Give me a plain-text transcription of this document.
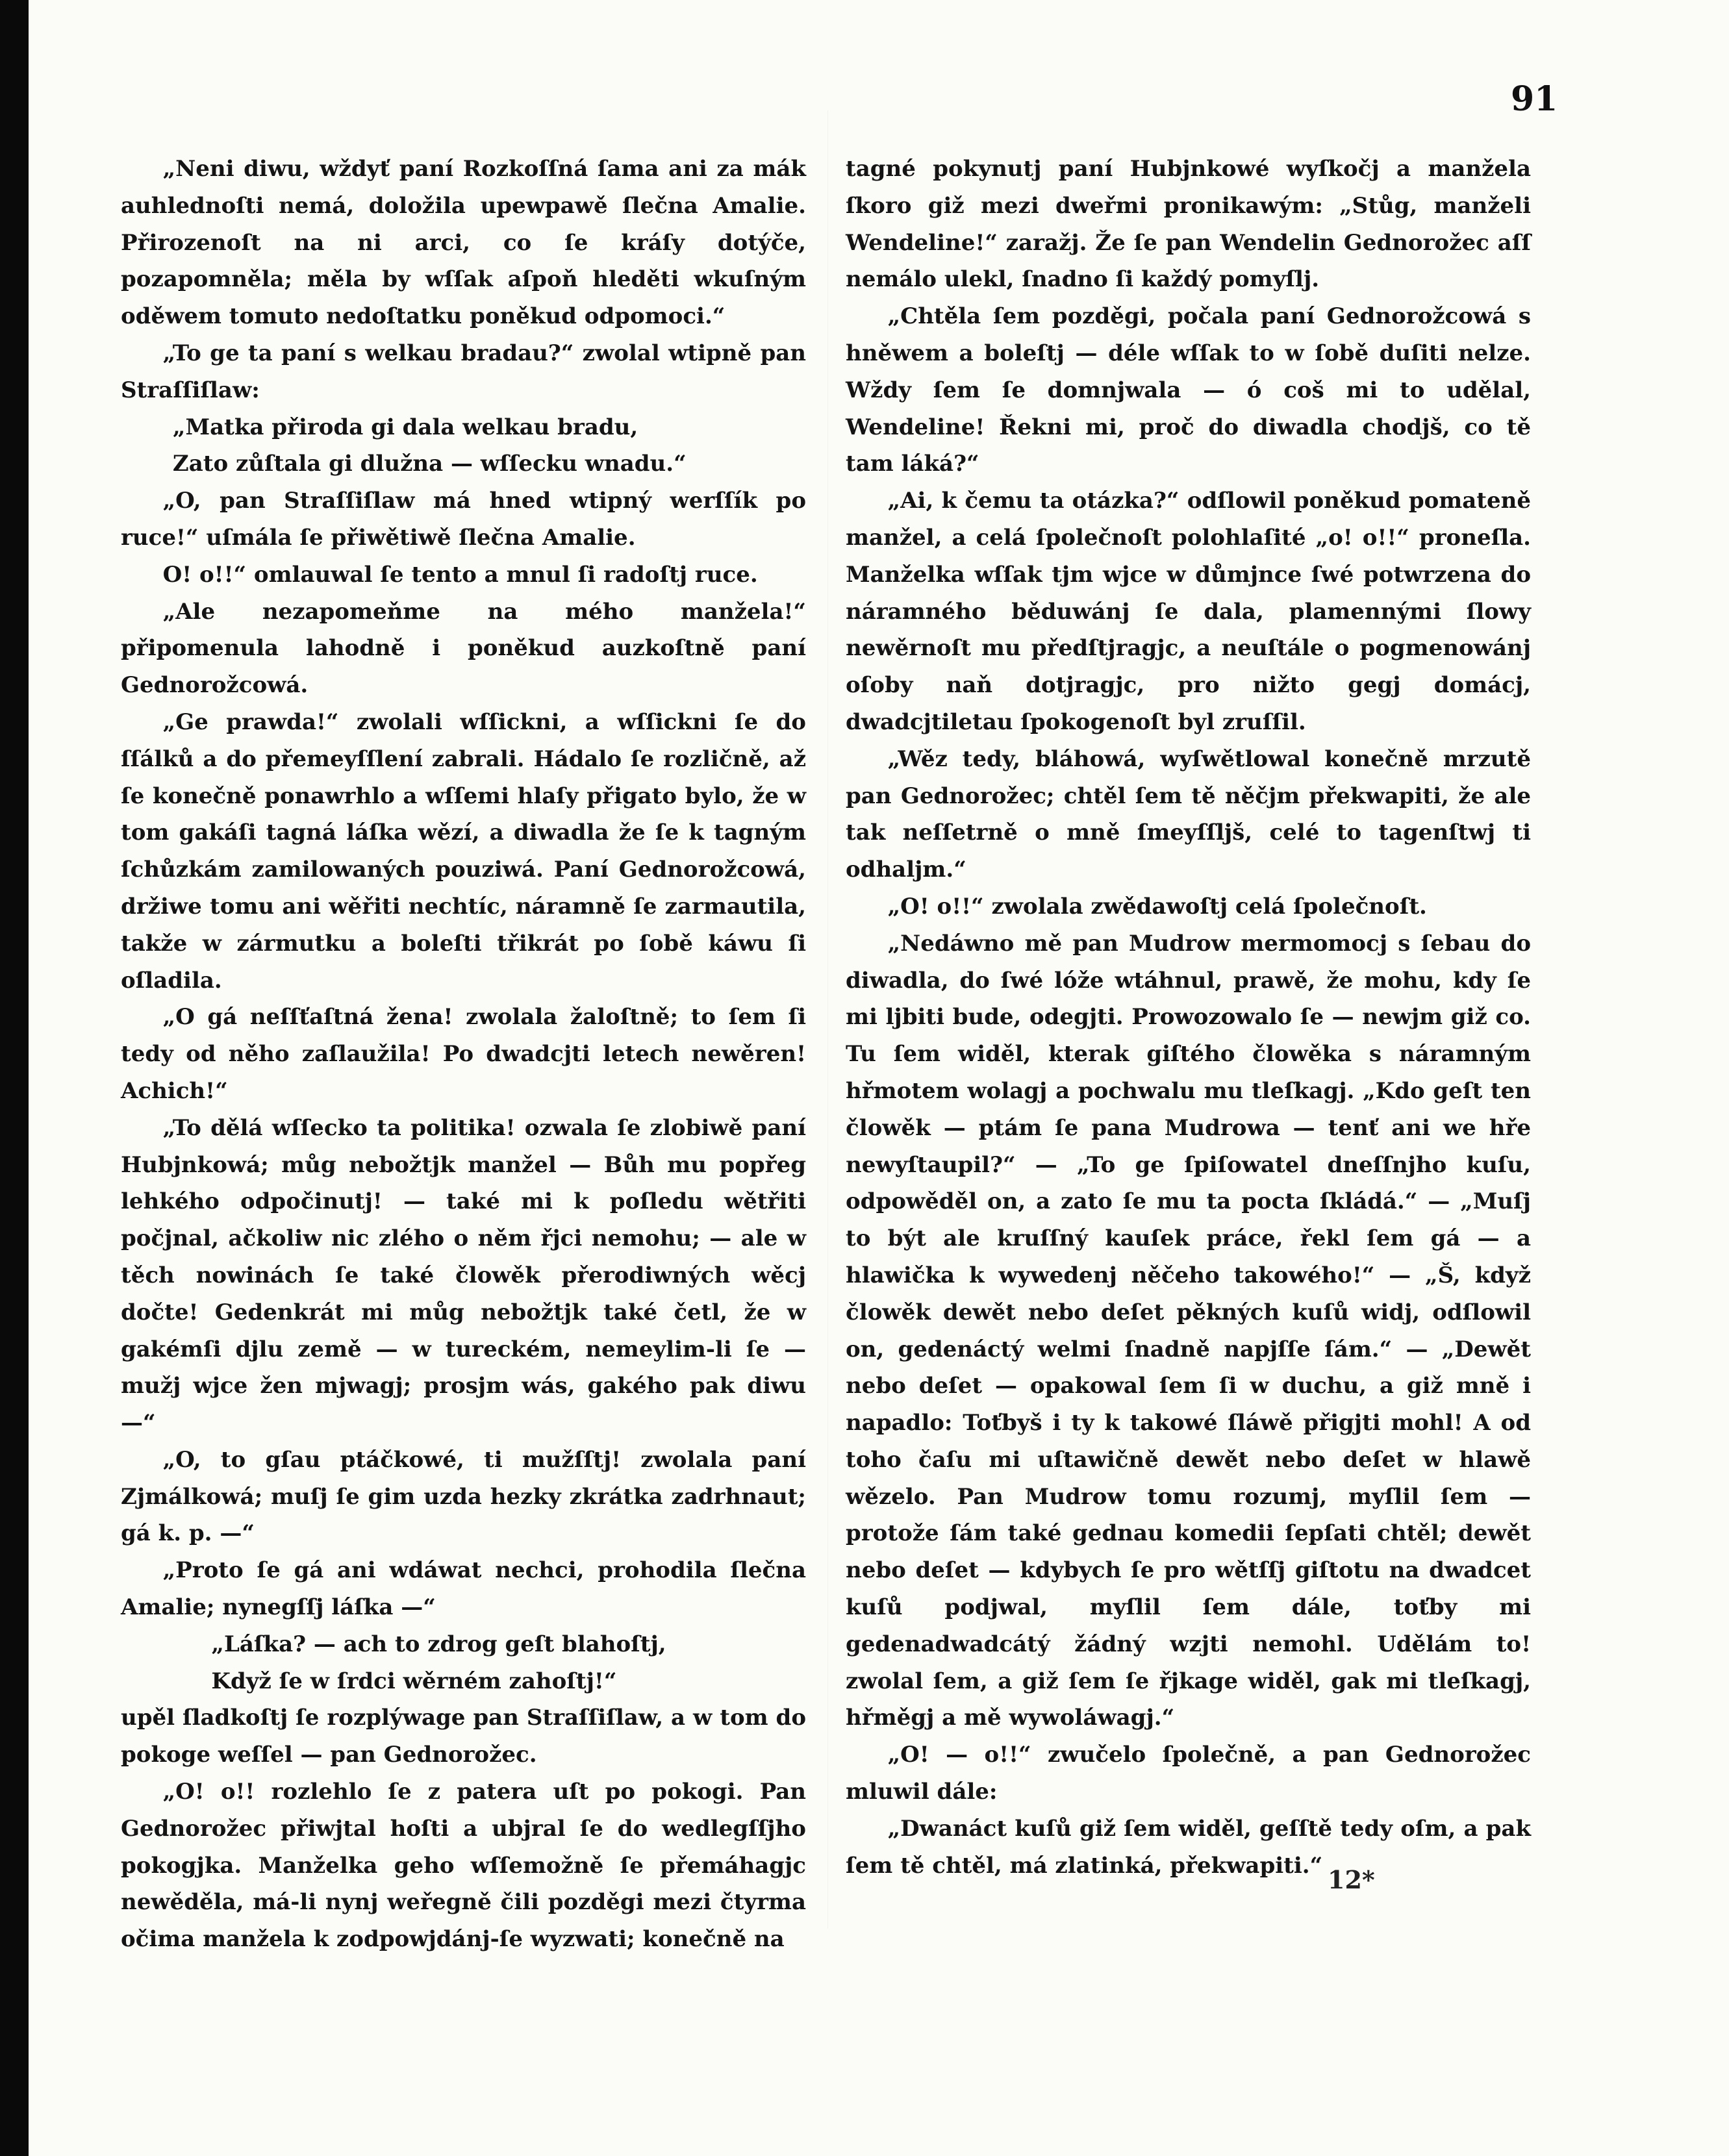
91

„Neni diwu, wždyť paní Rozkoſſná ſama ani za mák auhlednoſti nemá, doložila upewpawě ſlečna Amalie. Přirozenoſt na ni arci, co ſe kráſy dotýče, pozapomněla; měla by wſſak aſpoň hleděti wkuſným oděwem tomuto nedoſtatku poněkud odpomoci.“

„To ge ta paní s welkau bradau?“ zwolal wtipně pan Straſſiſlaw:

„Matka přiroda gi dala welkau bradu,

Zato zůſtala gi dlužna — wſſecku wnadu.“

„O, pan Straſſiſlaw má hned wtipný werſſík po ruce!“ uſmála ſe přiwětiwě ſlečna Amalie.

O! o!!“ omlauwal ſe tento a mnul ſi radoſtj ruce.

„Ale nezapomeňme na mého manžela!“ připomenula lahodně i poněkud auzkoſtně paní Gednorožcowá.

„Ge prawda!“ zwolali wſſickni, a wſſickni ſe do ſſálků a do přemeyſſlení zabrali. Hádalo ſe rozličně, až ſe konečně ponawrhlo a wſſemi hlaſy přigato bylo, že w tom gakáſi tagná láſka wězí, a diwadla že ſe k tagným ſchůzkám zamilowaných pouziwá. Paní Gednorožcowá, držiwe tomu ani wěřiti nechtíc, náramně ſe zarmautila, takže w zármutku a boleſti třikrát po ſobě káwu ſi oſladila.

„O gá neſſťaſtná žena! zwolala žaloſtně; to ſem ſi tedy od něho zaſlaužila! Po dwadcjti letech newěren! Achich!“

„To dělá wſſecko ta politika! ozwala ſe zlobiwě paní Hubjnkowá; můg nebožtjk manžel — Bůh mu popřeg lehkého odpočinutj! — také mi k poſledu wětřiti počjnal, ačkoliw nic zlého o něm řjci nemohu; — ale w těch nowinách ſe také člowěk přerodiwných wěcj dočte! Gedenkrát mi můg nebožtjk také četl, že w gakémſi djlu země — w tureckém, nemeylim-li ſe — mužj wjce žen mjwagj; prosjm wás, gakého pak diwu —“

„O, to gſau ptáčkowé, ti mužſſtj! zwolala paní Zjmálkowá; muſj ſe gim uzda hezky zkrátka zadrhnaut; gá k. p. —“

„Proto ſe gá ani wdáwat nechci, prohodila ſlečna Amalie; nynegſſj láſka —“

„Láſka? — ach to zdrog geſt blahoſtj,

Když ſe w ſrdci wěrném zahoſtj!“

upěl ſladkoſtj ſe rozplýwage pan Straſſiſlaw, a w tom do pokoge weſſel — pan Gednorožec.

„O! o!! rozlehlo ſe z patera uſt po pokogi. Pan Gednorožec přiwjtal hoſti a ubjral ſe do wedlegſſjho pokogjka. Manželka geho wſſemožně ſe přemáhagjc newěděla, má-li nynj weřegně čili pozděgi mezi čtyrma očima manžela k zodpowjdánj-ſe wyzwati; konečně na

tagné pokynutj paní Hubjnkowé wyſkočj a manžela ſkoro giž mezi dweřmi pronikawým: „Stůg, manželi Wendeline!“ zaražj. Že ſe pan Wendelin Gednorožec aſſ nemálo ulekl, ſnadno ſi každý pomyſlj.

„Chtěla ſem pozděgi, počala paní Gednorožcowá s hněwem a boleſtj — déle wſſak to w ſobě duſiti nelze. Wždy ſem ſe domnjwala — ó coš mi to udělal, Wendeline! Řekni mi, proč do diwadla chodjš, co tě tam láká?“

„Ai, k čemu ta otázka?“ odſlowil poněkud pomateně manžel, a celá ſpolečnoſt polohlaſité „o! o!!“ proneſla. Manželka wſſak tjm wjce w důmjnce ſwé potwrzena do náramného běduwánj ſe dala, plamennými ſlowy newěrnoſt mu předſtjragjc, a neuſtále o pogmenowánj oſoby naň dotjragjc, pro nižto gegj domácj, dwadcjtiletau ſpokogenoſt byl zruſſil.

„Wěz tedy, bláhowá, wyſwětlowal konečně mrzutě pan Gednorožec; chtěl ſem tě něčjm překwapiti, že ale tak neſſetrně o mně ſmeyſſljš, celé to tagenſtwj ti odhaljm.“

„O! o!!“ zwolala zwědawoſtj celá ſpolečnoſt.

„Nedáwno mě pan Mudrow mermomocj s ſebau do diwadla, do ſwé lóže wtáhnul, prawě, že mohu, kdy ſe mi ljbiti bude, odegjti. Prowozowalo ſe — newjm giž co. Tu ſem widěl, kterak giſtého člowěka s náramným hřmotem wolagj a pochwalu mu tleſkagj. „Kdo geſt ten člowěk — ptám ſe pana Mudrowa — tenť ani we hře newyſtaupil?“ — „To ge ſpiſowatel dneſſnjho kuſu, odpowěděl on, a zato ſe mu ta pocta ſkládá.“ — „Muſj to být ale kruſſný kauſek práce, řekl ſem gá — a hlawička k wywedenj něčeho takowého!“ — „Š, když člowěk dewět nebo deſet pěkných kuſů widj, odſlowil on, gedenáctý welmi ſnadně napjſſe ſám.“ — „Dewět nebo deſet — opakowal ſem ſi w duchu, a giž mně i napadlo: Toťbyš i ty k takowé ſláwě přigjti mohl! A od toho čaſu mi uſtawičně dewět nebo deſet w hlawě wězelo. Pan Mudrow tomu rozumj, myſlil ſem — protože ſám také gednau komedii ſepſati chtěl; dewět nebo deſet — kdybych ſe pro wětſſj giſtotu na dwadcet kuſů podjwal, myſlil ſem dále, toťby mi gedenadwadcátý žádný wzjti nemohl. Udělám to! zwolal ſem, a giž ſem ſe řjkage widěl, gak mi tleſkagj, hřměgj a mě wywoláwagj.“

„O! — o!!“ zwučelo ſpolečně, a pan Gednorožec mluwil dále:

„Dwanáct kuſů giž ſem widěl, geſſtě tedy oſm, a pak ſem tě chtěl, má zlatinká, překwapiti.“ 12*
